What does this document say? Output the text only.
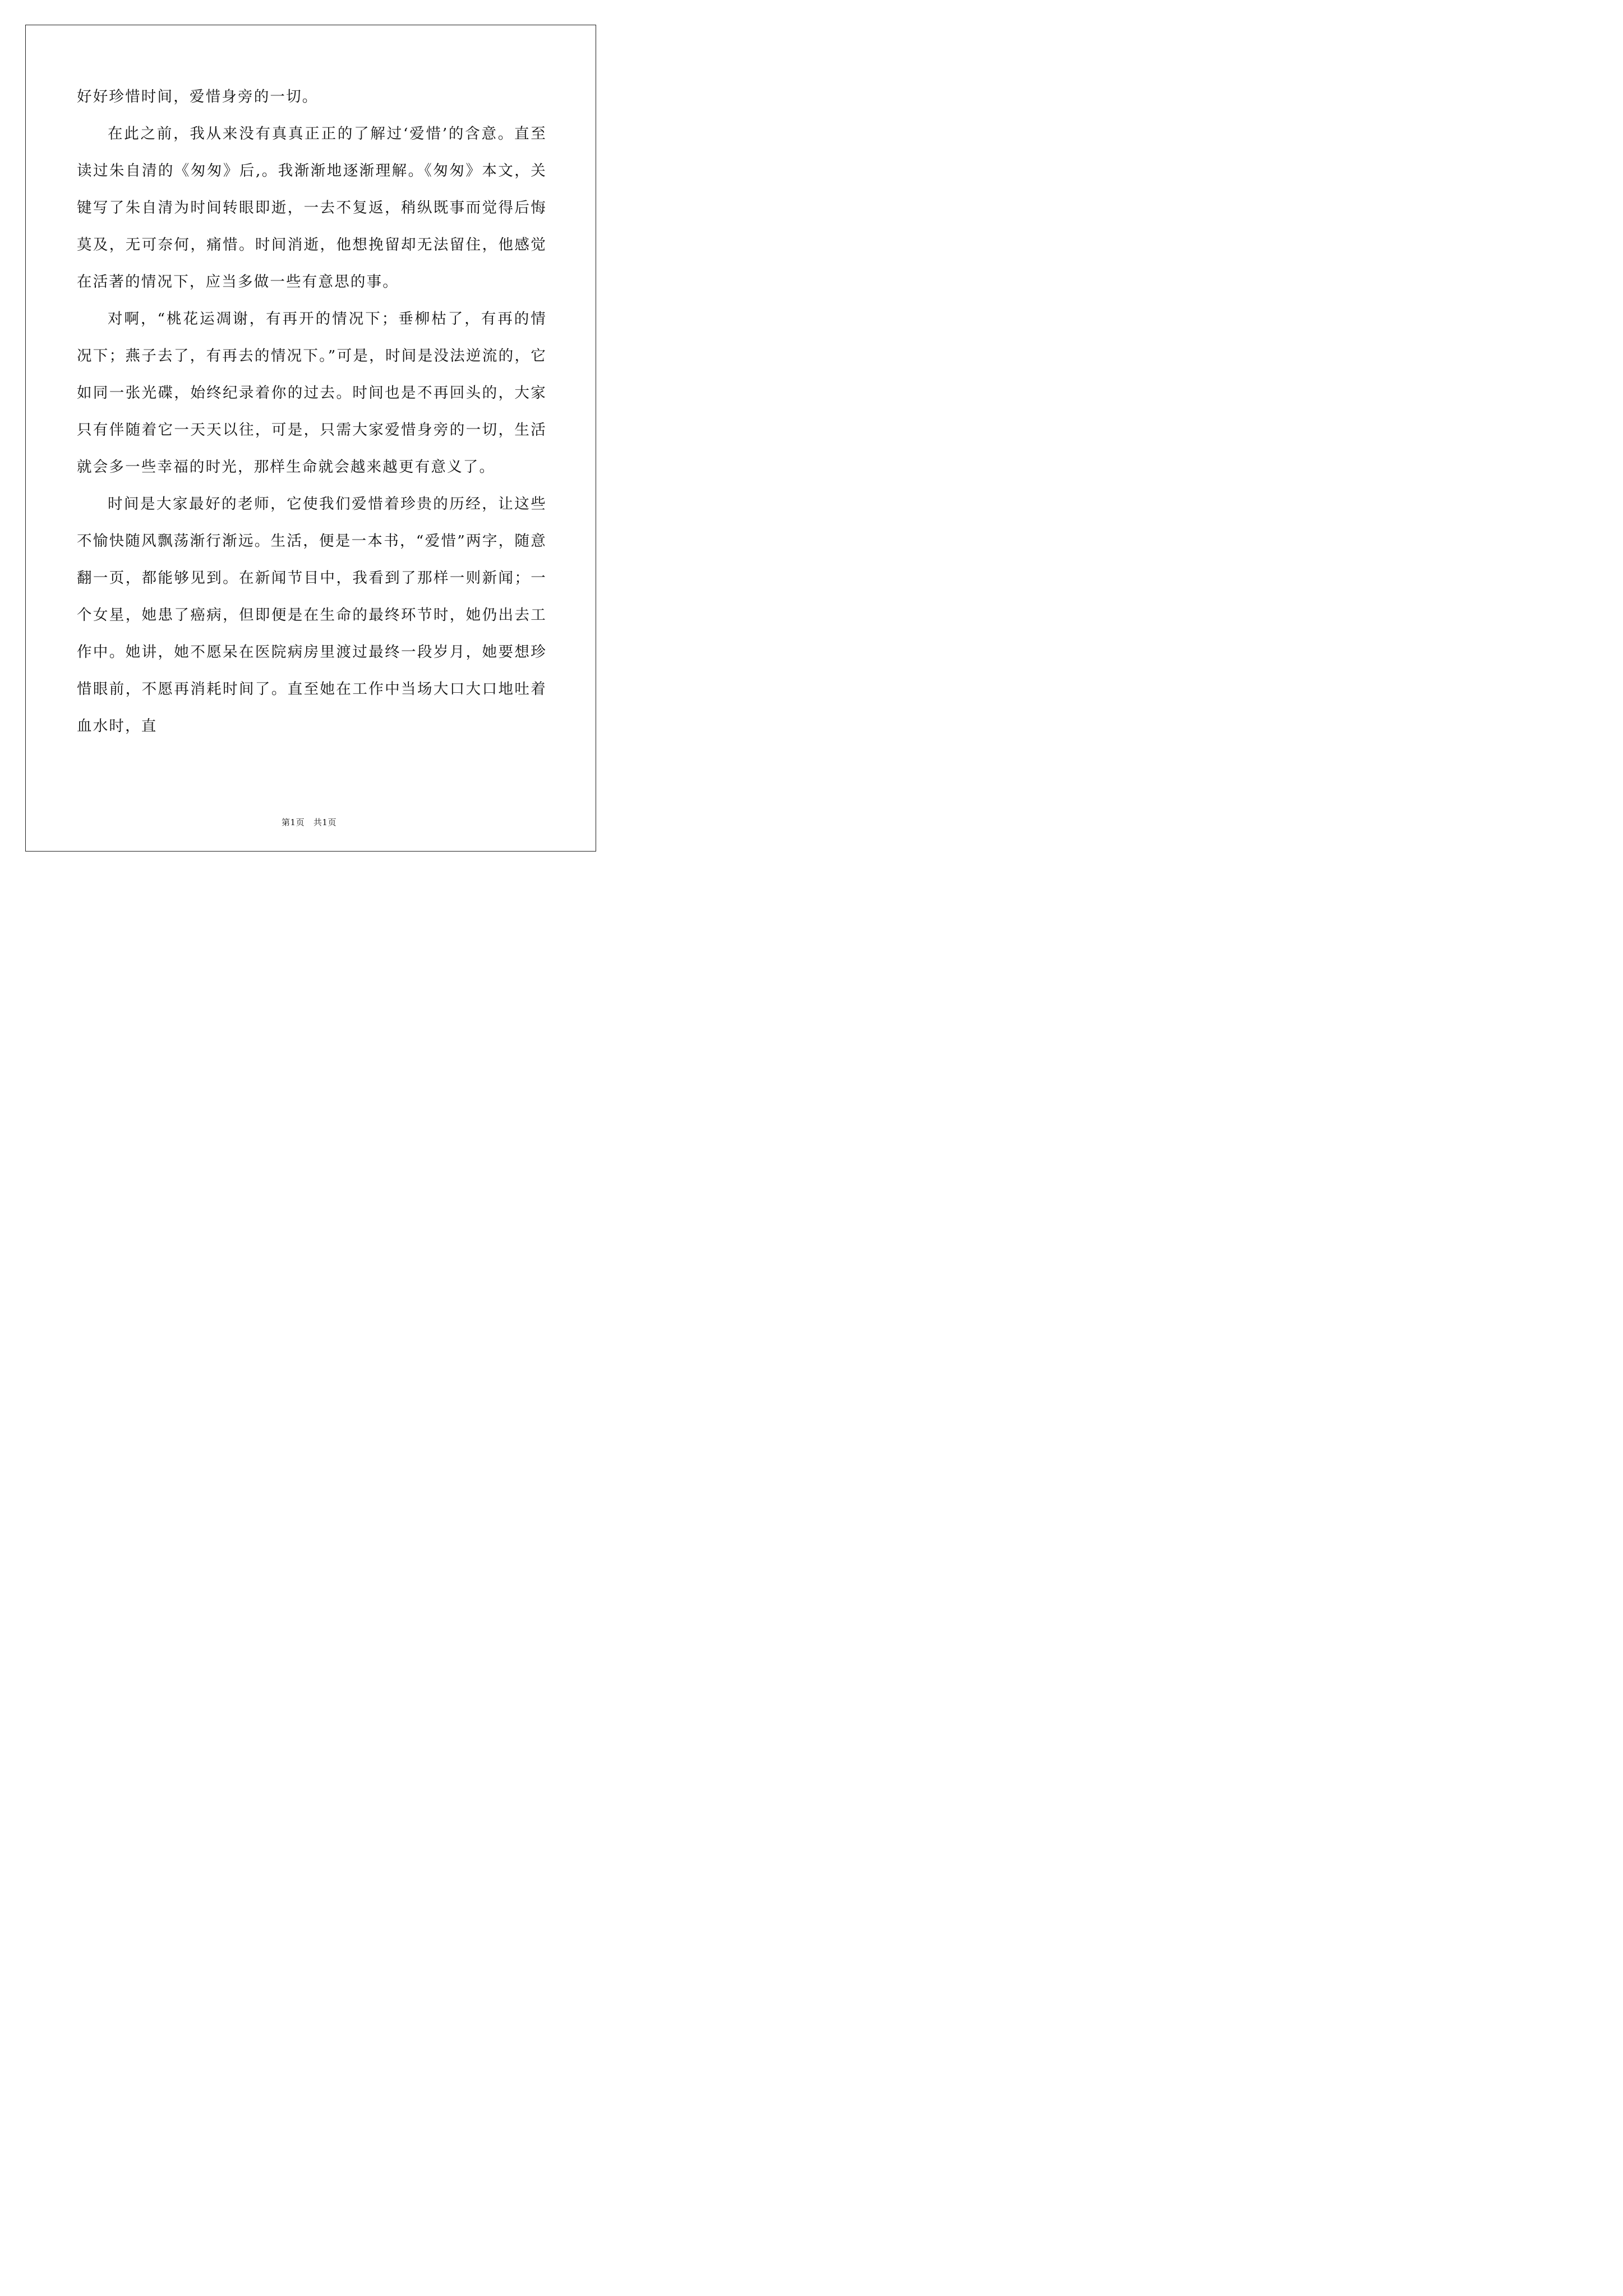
好好珍惜时间，爱惜身旁的一切。

在此之前，我从来没有真真正正的了解过‘爱惜’的含意。直至读过朱自清的《匆匆》后,。我渐渐地逐渐理解。《匆匆》本文，关键写了朱自清为时间转眼即逝，一去不复返，稍纵既事而觉得后悔莫及，无可奈何，痛惜。时间消逝，他想挽留却无法留住，他感觉在活著的情况下，应当多做一些有意思的事。

对啊，“桃花运凋谢，有再开的情况下；垂柳枯了，有再的情况下；燕子去了，有再去的情况下。”可是，时间是没法逆流的，它如同一张光碟，始终纪录着你的过去。时间也是不再回头的，大家只有伴随着它一天天以往，可是，只需大家爱惜身旁的一切，生活就会多一些幸福的时光，那样生命就会越来越更有意义了。

时间是大家最好的老师，它使我们爱惜着珍贵的历经，让这些不愉快随风飘荡渐行渐远。生活，便是一本书，“爱惜”两字，随意翻一页，都能够见到。在新闻节目中，我看到了那样一则新闻；一个女星，她患了癌病，但即便是在生命的最终环节时，她仍出去工作中。她讲，她不愿呆在医院病房里渡过最终一段岁月，她要想珍惜眼前，不愿再消耗时间了。直至她在工作中当场大口大口地吐着血水时，直

第1页 共1页
